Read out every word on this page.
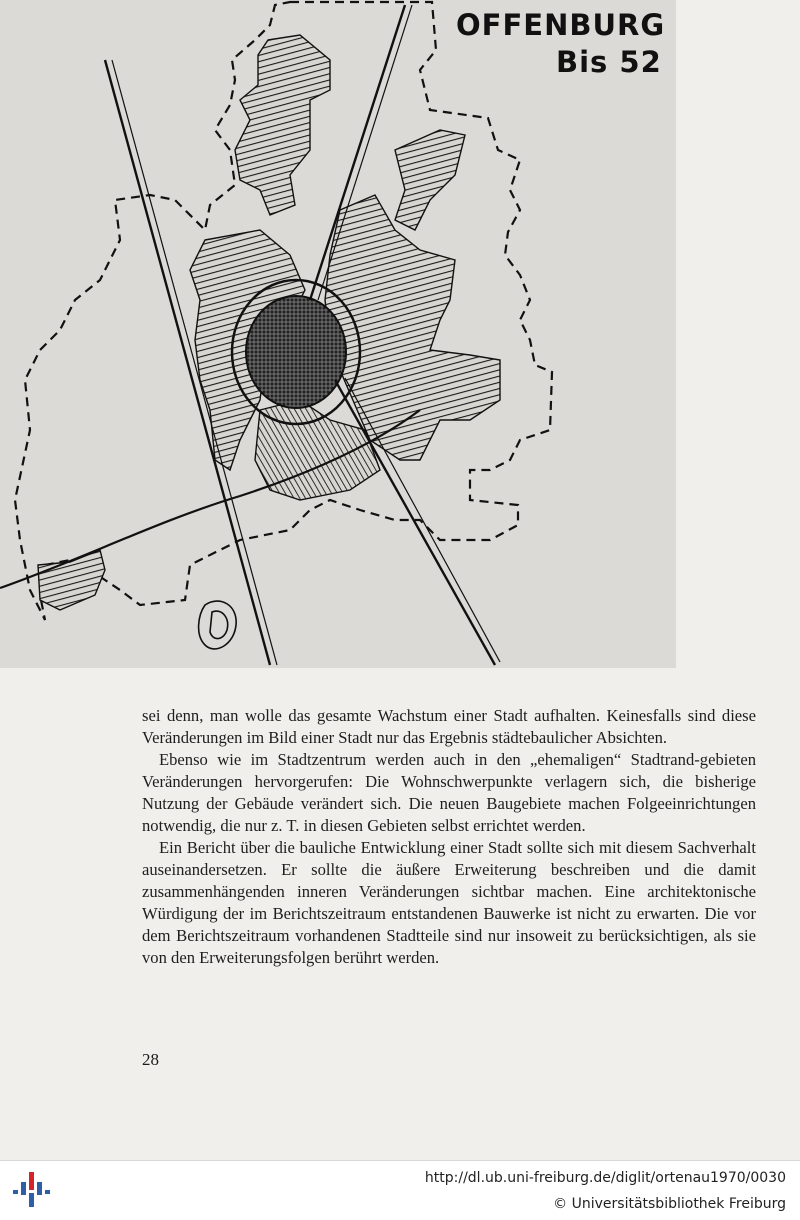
OFFENBURG
Bis 52

sei denn, man wolle das gesamte Wachstum einer Stadt aufhalten. Keinesfalls sind diese Veränderungen im Bild einer Stadt nur das Ergebnis städtebaulicher Absichten.

Ebenso wie im Stadtzentrum werden auch in den „ehemaligen“ Stadtrand-gebieten Veränderungen hervorgerufen: Die Wohnschwerpunkte verlagern sich, die bisherige Nutzung der Gebäude verändert sich. Die neuen Baugebiete machen Folgeeinrichtungen notwendig, die nur z. T. in diesen Gebieten selbst errichtet werden.

Ein Bericht über die bauliche Entwicklung einer Stadt sollte sich mit diesem Sachverhalt auseinandersetzen. Er sollte die äußere Erweiterung beschreiben und die damit zusammenhängenden inneren Veränderungen sichtbar machen. Eine architektonische Würdigung der im Berichtszeitraum entstandenen Bauwerke ist nicht zu erwarten. Die vor dem Berichtszeitraum vorhandenen Stadtteile sind nur insoweit zu berücksichtigen, als sie von den Erweiterungsfolgen berührt werden.

28
http://dl.ub.uni-freiburg.de/diglit/ortenau1970/0030
© Universitätsbibliothek Freiburg
